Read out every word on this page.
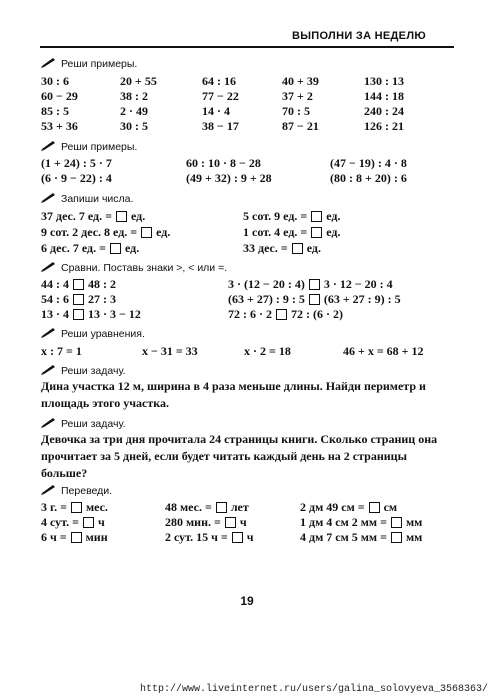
ВЫПОЛНИ ЗА НЕДЕЛЮ
Реши примеры.
30 : 6	20 + 55	64 : 16	40 + 39	130 : 13
60 − 29	38 : 2	77 − 22	37 + 2	144 : 18
85 : 5	2 · 49	14 · 4	70 : 5	240 : 24
53 + 36	30 : 5	38 − 17	87 − 21	126 : 21
Реши примеры.
(1 + 24) : 5 · 7	60 : 10 · 8 − 28	(47 − 19) : 4 · 8
(6 · 9 − 22) : 4	(49 + 32) : 9 + 28	(80 : 8 + 20) : 6
Запиши числа.
37 дес. 7 ед. = ед.	5 сот. 9 ед. = ед.
9 сот. 2 дес. 8 ед. = ед.	1 сот. 4 ед. = ед.
6 дес. 7 ед. = ед.	33 дес. = ед.
Сравни. Поставь знаки >, < или =.
44 : 4 48 : 2	3 · (12 − 20 : 4) 3 · 12 − 20 : 4
54 : 6 27 : 3	(63 + 27) : 9 : 5 (63 + 27 : 9) : 5
13 · 4 13 · 3 − 12	72 : 6 · 2 72 : (6 · 2)
Реши уравнения.
x : 7 = 1	x − 31 = 33	x · 2 = 18	46 + x = 68 + 12
Реши задачу.
Дина участка 12 м, ширина в 4 раза меньше длины. Найди периметр и площадь этого участка.
Реши задачу.
Девочка за три дня прочитала 24 страницы книги. Сколько страниц она прочитает за 5 дней, если будет читать каждый день на 2 страницы больше?
Переведи.
3 г. = мес.	48 мес. = лет	2 дм 49 см = см
4 сут. = ч	280 мин. = ч	1 дм 4 см 2 мм = мм
6 ч = мин	2 сут. 15 ч = ч	4 дм 7 см 5 мм = мм
19
http://www.liveinternet.ru/users/galina_solovyeva_3568363/
